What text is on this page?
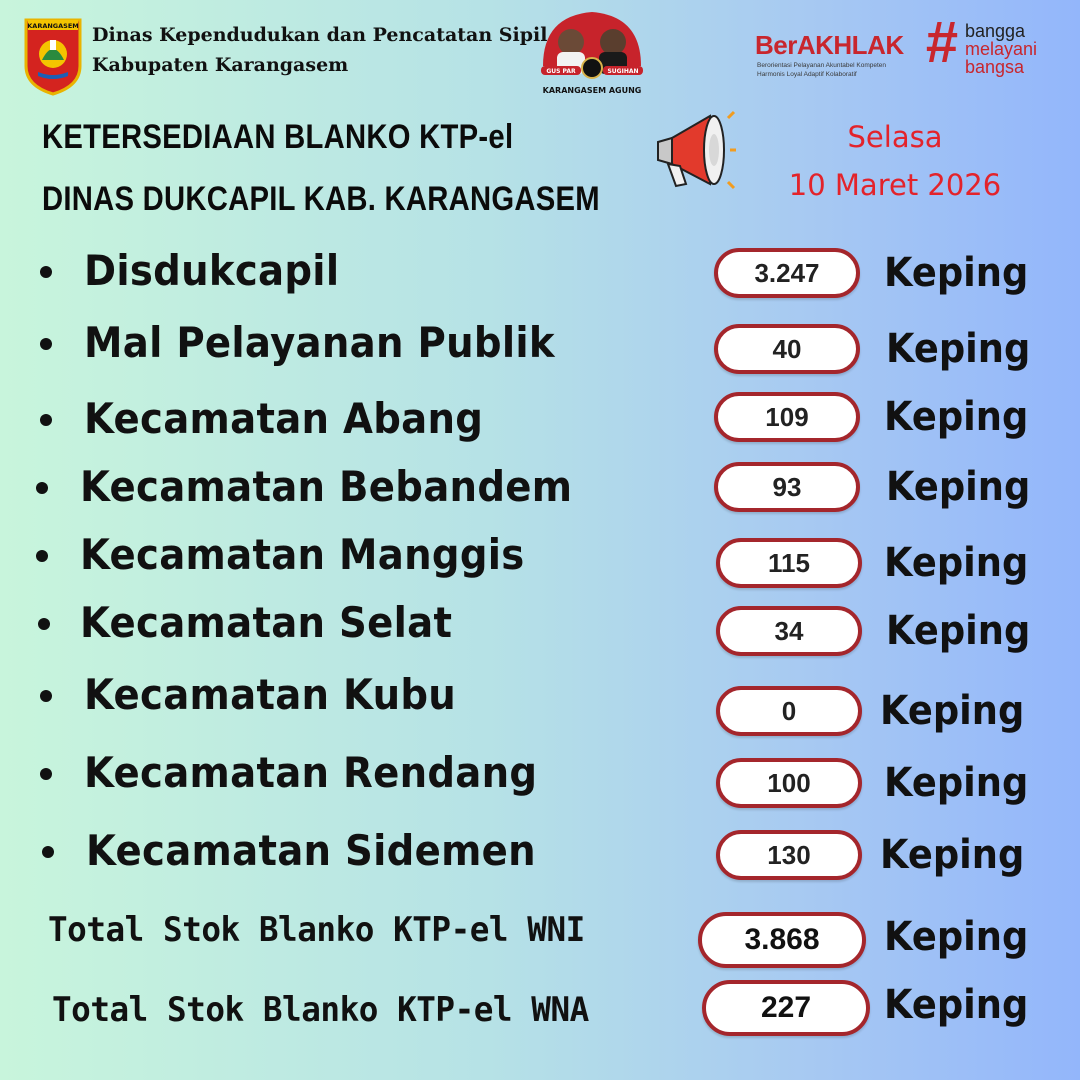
KARANGASEM Dinas Kependudukan dan Pencatatan Sipil
Kabupaten Karangasem	GUS PAR	SUGIHAN
KARANGASEM AGUNG
BerAKHLAK
Berorientasi Pelayanan Akuntabel Kompeten
Harmonis Loyal Adaptif Kolaboratif # bangga
melayani
bangsa
KETERSEDIAAN BLANKO KTP-el
DINAS DUKCAPIL KAB. KARANGASEM
Selasa
10 Maret 2026
Disdukcapil	3.247	Keping
Mal Pelayanan Publik	40	Keping
Kecamatan Abang	109	Keping
Kecamatan Bebandem	93	Keping
Kecamatan Manggis	115	Keping
Kecamatan Selat	34	Keping
Kecamatan Kubu	0	Keping
Kecamatan Rendang	100	Keping
Kecamatan Sidemen	130	Keping
Total Stok Blanko KTP-el WNI	3.868	Keping
Total Stok Blanko KTP-el WNA	227	Keping
